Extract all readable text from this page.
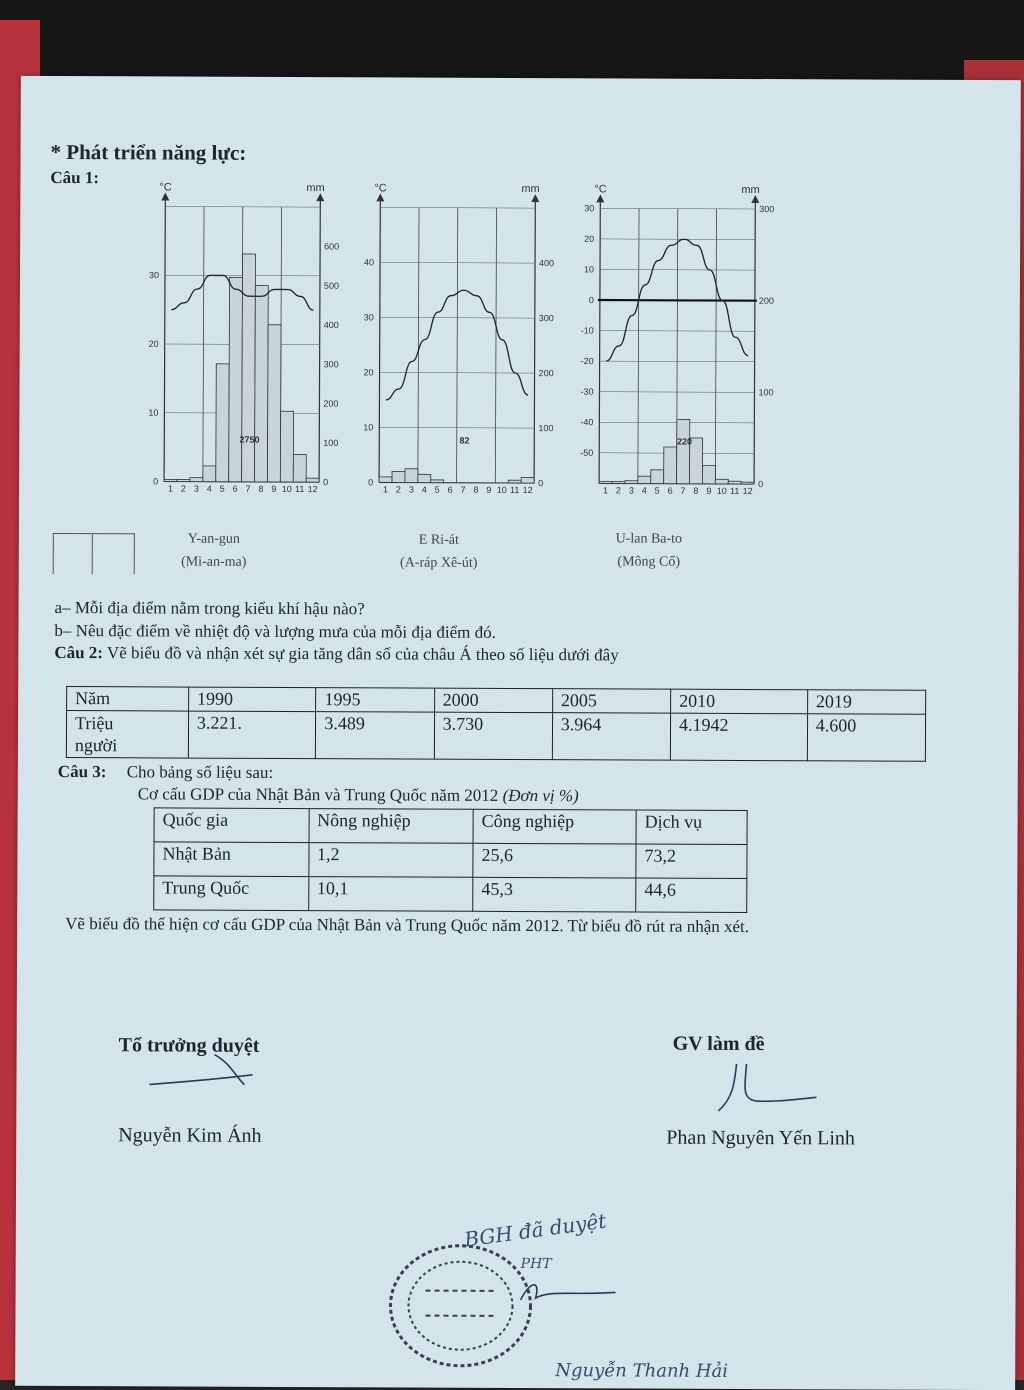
* Phát triển năng lực:
Câu 1:
°C	mm
30
20
10
0
600
500
400
300
200
100
0
1 2 3 4 5 6 7 8 9 10 11 12
2750
°C	mm
40
30
20
10
0
400
300
200
100
0
1 2 3 4 5 6 7 8 9 10 11 12
82
°C	mm
30
20
10
0
-10
-20
-30
-40
-50
300
200
100
0
1 2 3 4 5 6 7 8 9 10 11 12
220
Y-an-gun
(Mi-an-ma)
E Ri-át
(A-ráp Xê-út)
U-lan Ba-to
(Mông Cổ)
a– Mỗi địa điểm nằm trong kiểu khí hậu nào?
b– Nêu đặc điểm về nhiệt độ và lượng mưa của mỗi địa điểm đó.
Câu 2: Vẽ biểu đồ và nhận xét sự gia tăng dân số của châu Á theo số liệu dưới đây
Năm	1990	1995	2000	2005	2010	2019
Triệu
người	3.221.	3.489	3.730	3.964	4.1942	4.600
Câu 3: Cho bảng số liệu sau:
Cơ cấu GDP của Nhật Bản và Trung Quốc năm 2012 (Đơn vị %)
Quốc gia	Nông nghiệp	Công nghiệp	Dịch vụ
Nhật Bản	1,2	25,6	73,2
Trung Quốc	10,1	45,3	44,6
Vẽ biểu đồ thể hiện cơ cấu GDP của Nhật Bản và Trung Quốc năm 2012. Từ biểu đồ rút ra nhận xét.
Tổ trưởng duyệt
Nguyễn Kim Ánh
GV làm đề
Phan Nguyên Yến Linh
BGH đã duyệt
PHT
Nguyễn Thanh Hải
